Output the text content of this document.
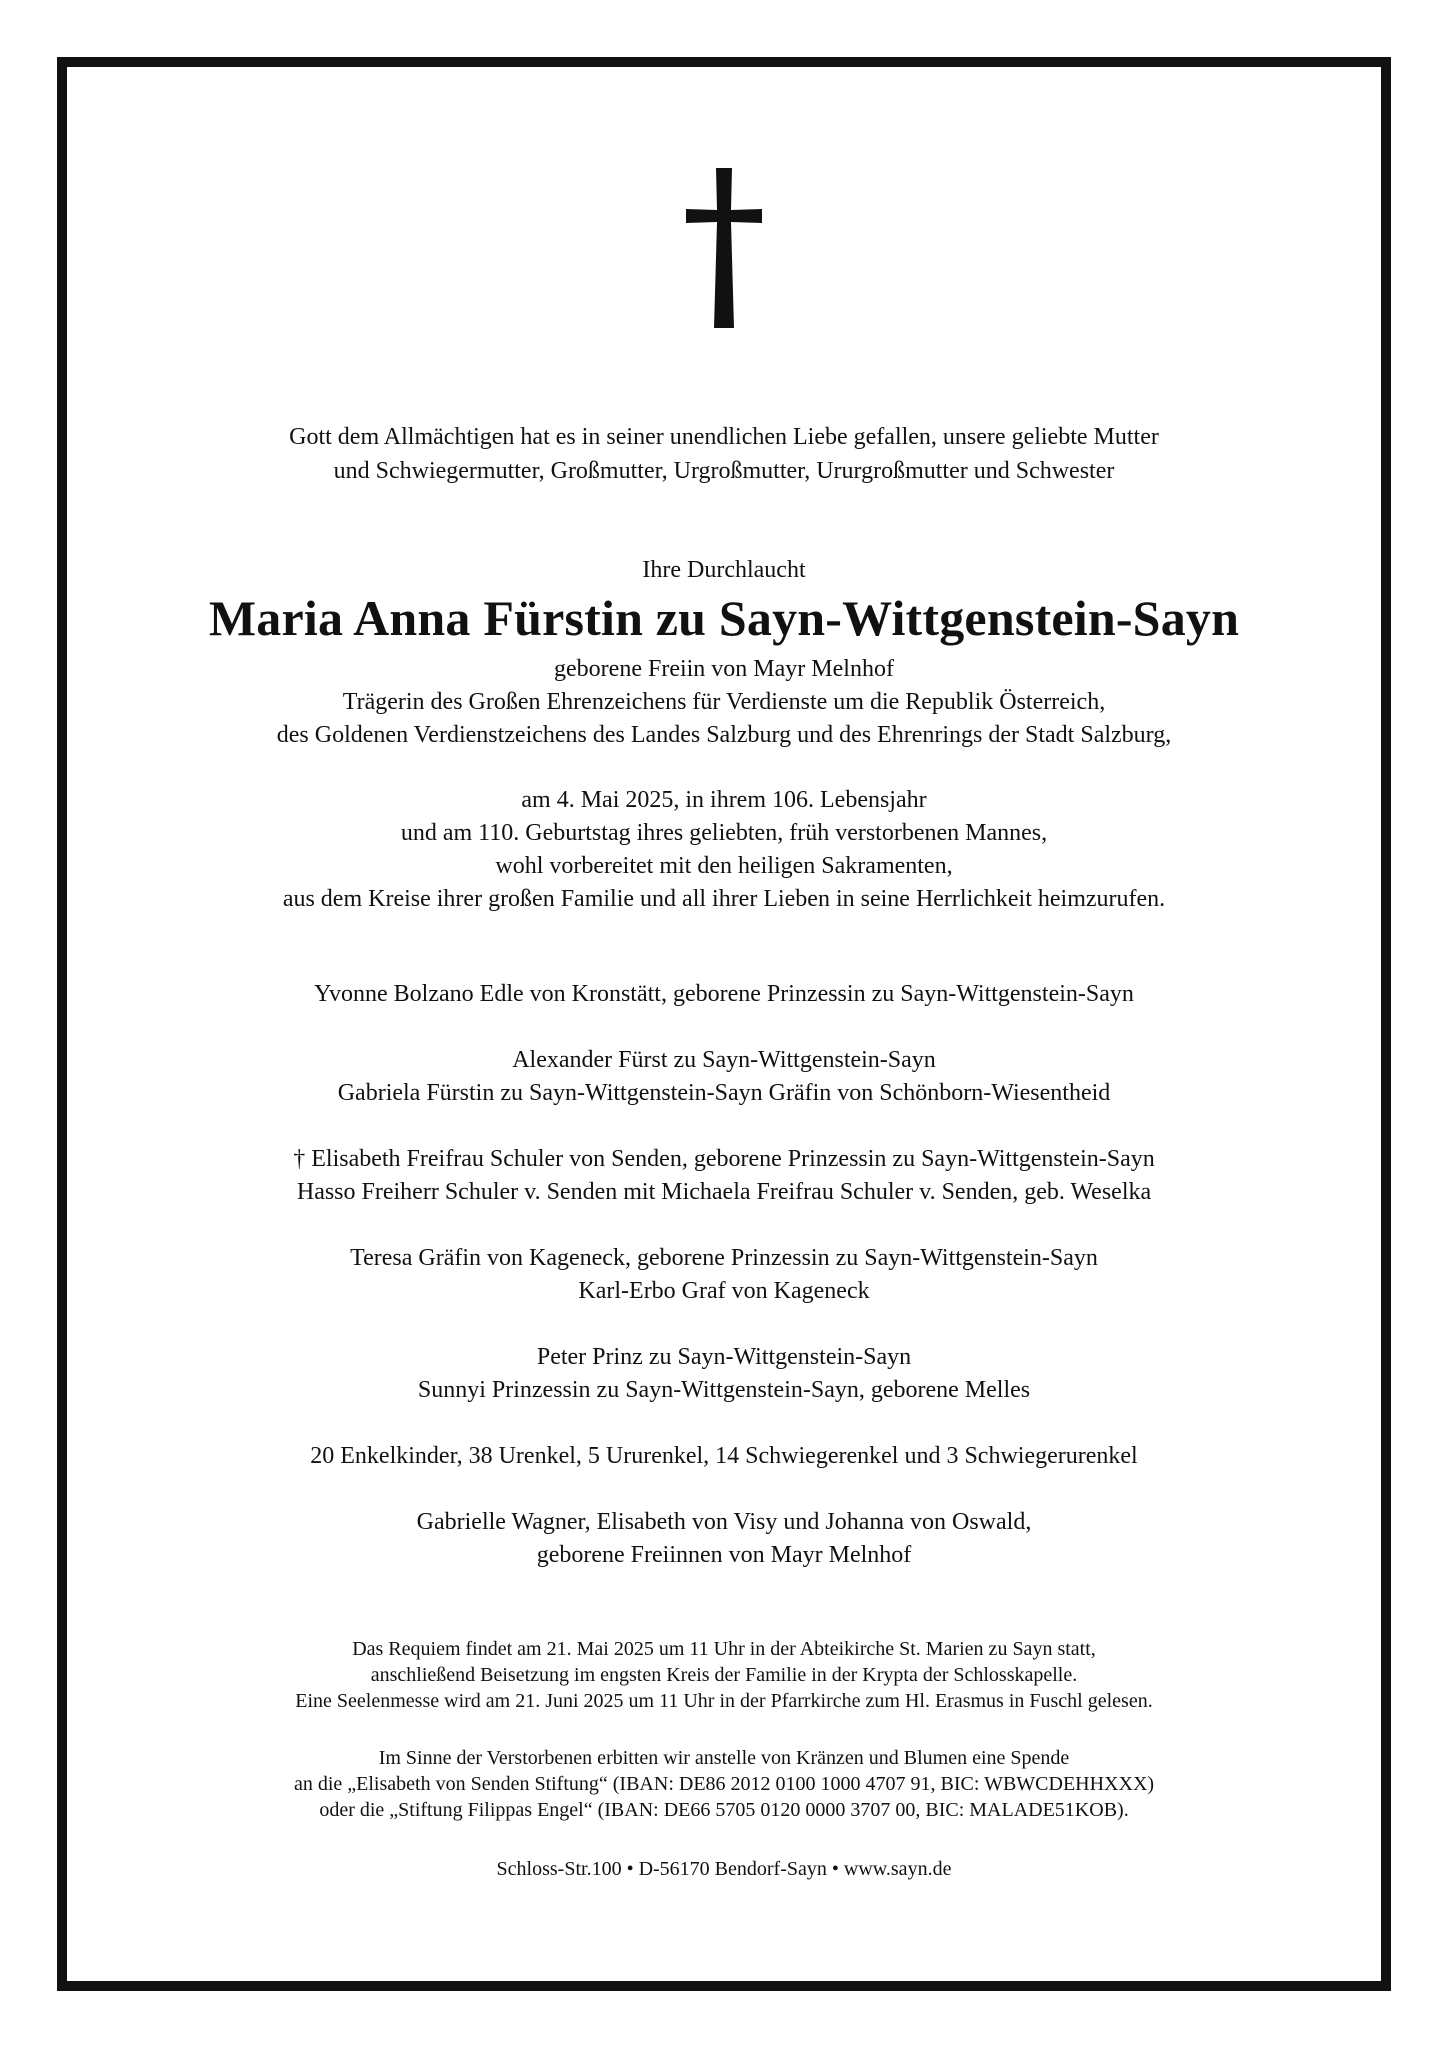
Gott dem Allmächtigen hat es in seiner unendlichen Liebe gefallen, unsere geliebte Mutter
und Schwiegermutter, Großmutter, Urgroßmutter, Ururgroßmutter und Schwester
Ihre Durchlaucht
Maria Anna Fürstin zu Sayn-Wittgenstein-Sayn
geborene Freiin von Mayr Melnhof
Trägerin des Großen Ehrenzeichens für Verdienste um die Republik Österreich,
des Goldenen Verdienstzeichens des Landes Salzburg und des Ehrenrings der Stadt Salzburg,
am 4. Mai 2025, in ihrem 106. Lebensjahr
und am 110. Geburtstag ihres geliebten, früh verstorbenen Mannes,
wohl vorbereitet mit den heiligen Sakramenten,
aus dem Kreise ihrer großen Familie und all ihrer Lieben in seine Herrlichkeit heimzurufen.
Yvonne Bolzano Edle von Kronstätt, geborene Prinzessin zu Sayn-Wittgenstein-Sayn
Alexander Fürst zu Sayn-Wittgenstein-Sayn
Gabriela Fürstin zu Sayn-Wittgenstein-Sayn Gräfin von Schönborn-Wiesentheid
† Elisabeth Freifrau Schuler von Senden, geborene Prinzessin zu Sayn-Wittgenstein-Sayn
Hasso Freiherr Schuler v. Senden mit Michaela Freifrau Schuler v. Senden, geb. Weselka
Teresa Gräfin von Kageneck, geborene Prinzessin zu Sayn-Wittgenstein-Sayn
Karl-Erbo Graf von Kageneck
Peter Prinz zu Sayn-Wittgenstein-Sayn
Sunnyi Prinzessin zu Sayn-Wittgenstein-Sayn, geborene Melles
20 Enkelkinder, 38 Urenkel, 5 Ururenkel, 14 Schwiegerenkel und 3 Schwiegerurenkel
Gabrielle Wagner, Elisabeth von Visy und Johanna von Oswald,
geborene Freiinnen von Mayr Melnhof
Das Requiem findet am 21. Mai 2025 um 11 Uhr in der Abteikirche St. Marien zu Sayn statt,
anschließend Beisetzung im engsten Kreis der Familie in der Krypta der Schlosskapelle.
Eine Seelenmesse wird am 21. Juni 2025 um 11 Uhr in der Pfarrkirche zum Hl. Erasmus in Fuschl gelesen.
Im Sinne der Verstorbenen erbitten wir anstelle von Kränzen und Blumen eine Spende
an die „Elisabeth von Senden Stiftung“ (IBAN: DE86 2012 0100 1000 4707 91, BIC: WBWCDEHHXXX)
oder die „Stiftung Filippas Engel“ (IBAN: DE66 5705 0120 0000 3707 00, BIC: MALADE51KOB).
Schloss-Str.100 • D-56170 Bendorf-Sayn • www.sayn.de
